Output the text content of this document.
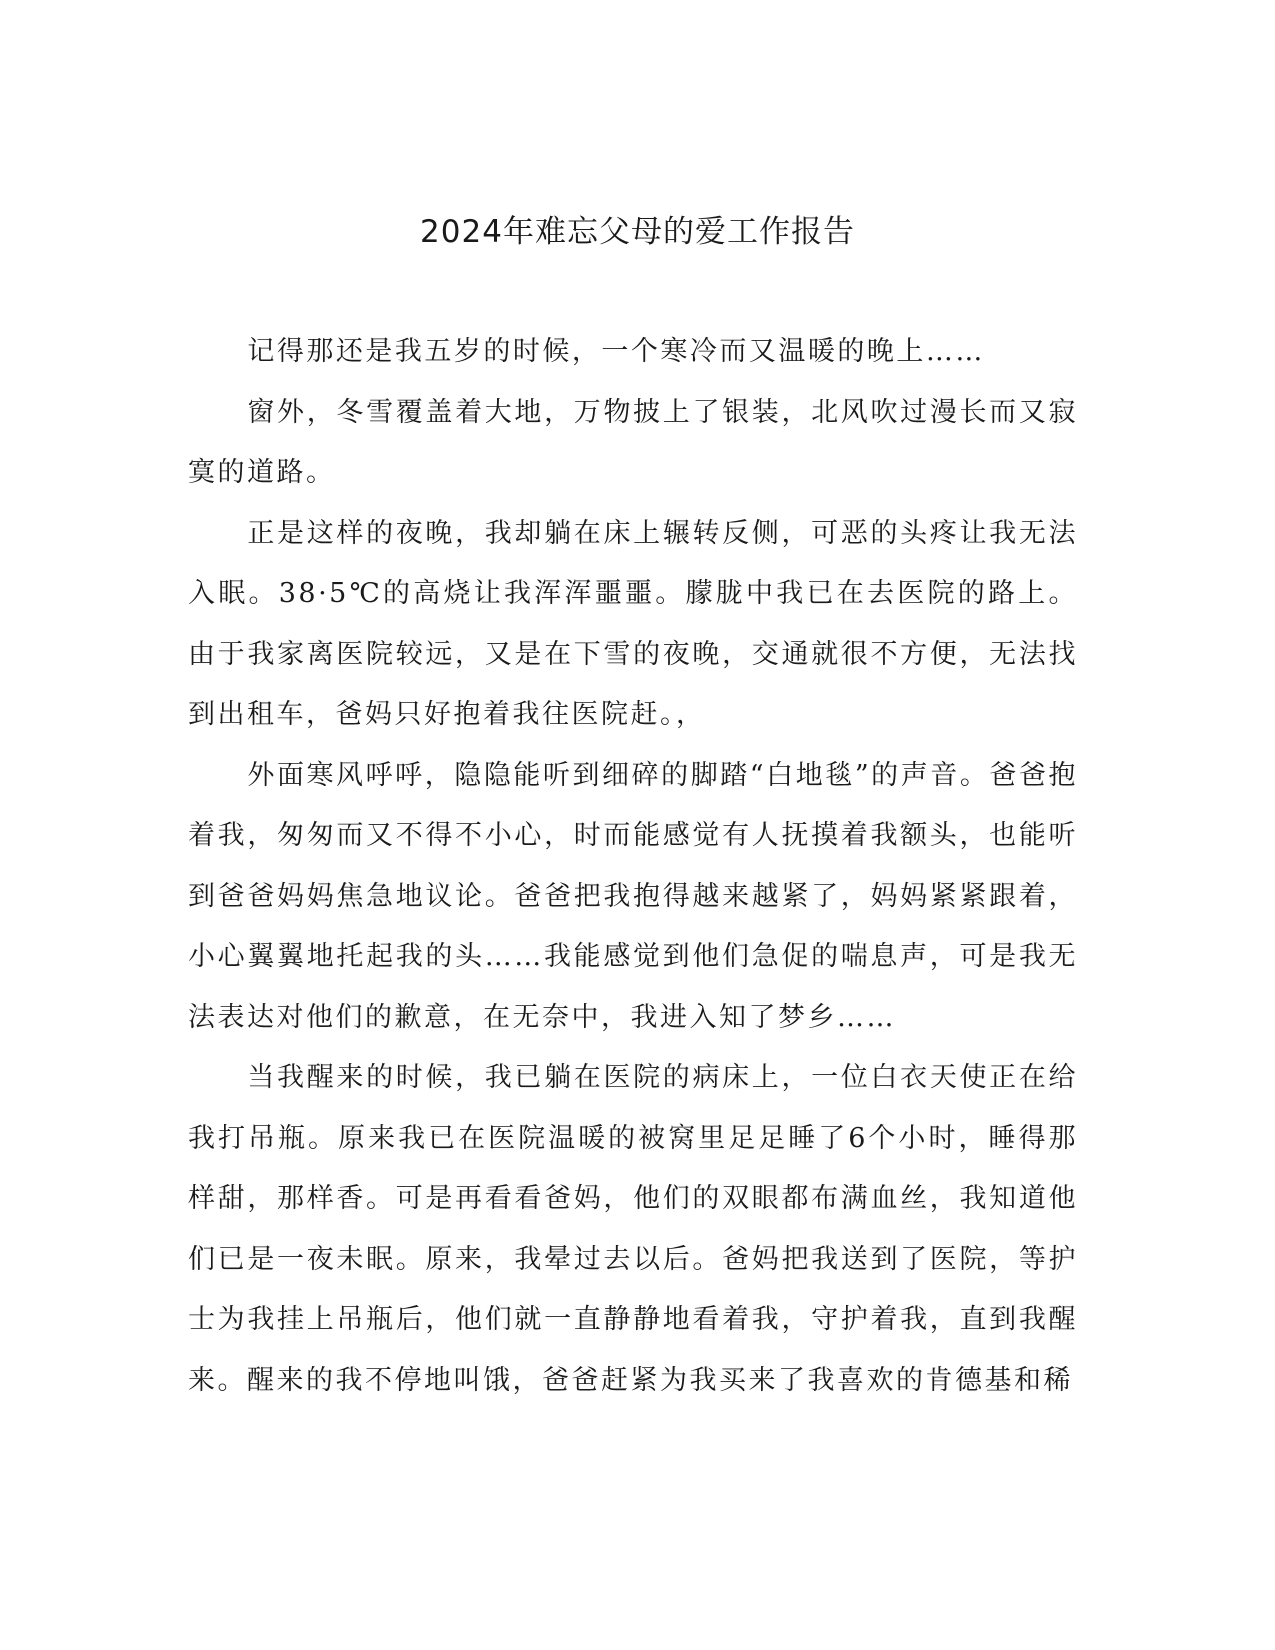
2024年难忘父母的爱工作报告

记得那还是我五岁的时候，一个寒冷而又温暖的晚上……

窗外，冬雪覆盖着大地，万物披上了银装，北风吹过漫长而又寂寞的道路。

正是这样的夜晚，我却躺在床上辗转反侧，可恶的头疼让我无法入眠。38·5℃的高烧让我浑浑噩噩。朦胧中我已在去医院的路上。由于我家离医院较远，又是在下雪的夜晚，交通就很不方便，无法找到出租车，爸妈只好抱着我往医院赶。，

外面寒风呼呼，隐隐能听到细碎的脚踏“白地毯”的声音。爸爸抱着我，匆匆而又不得不小心，时而能感觉有人抚摸着我额头，也能听到爸爸妈妈焦急地议论。爸爸把我抱得越来越紧了，妈妈紧紧跟着，小心翼翼地托起我的头……我能感觉到他们急促的喘息声，可是我无法表达对他们的歉意，在无奈中，我进入知了梦乡……

当我醒来的时候，我已躺在医院的病床上，一位白衣天使正在给我打吊瓶。原来我已在医院温暖的被窝里足足睡了6个小时，睡得那样甜，那样香。可是再看看爸妈，他们的双眼都布满血丝，我知道他们已是一夜未眠。原来，我晕过去以后。爸妈把我送到了医院，等护士为我挂上吊瓶后，他们就一直静静地看着我，守护着我，直到我醒来。醒来的我不停地叫饿，爸爸赶紧为我买来了我喜欢的肯德基和稀
